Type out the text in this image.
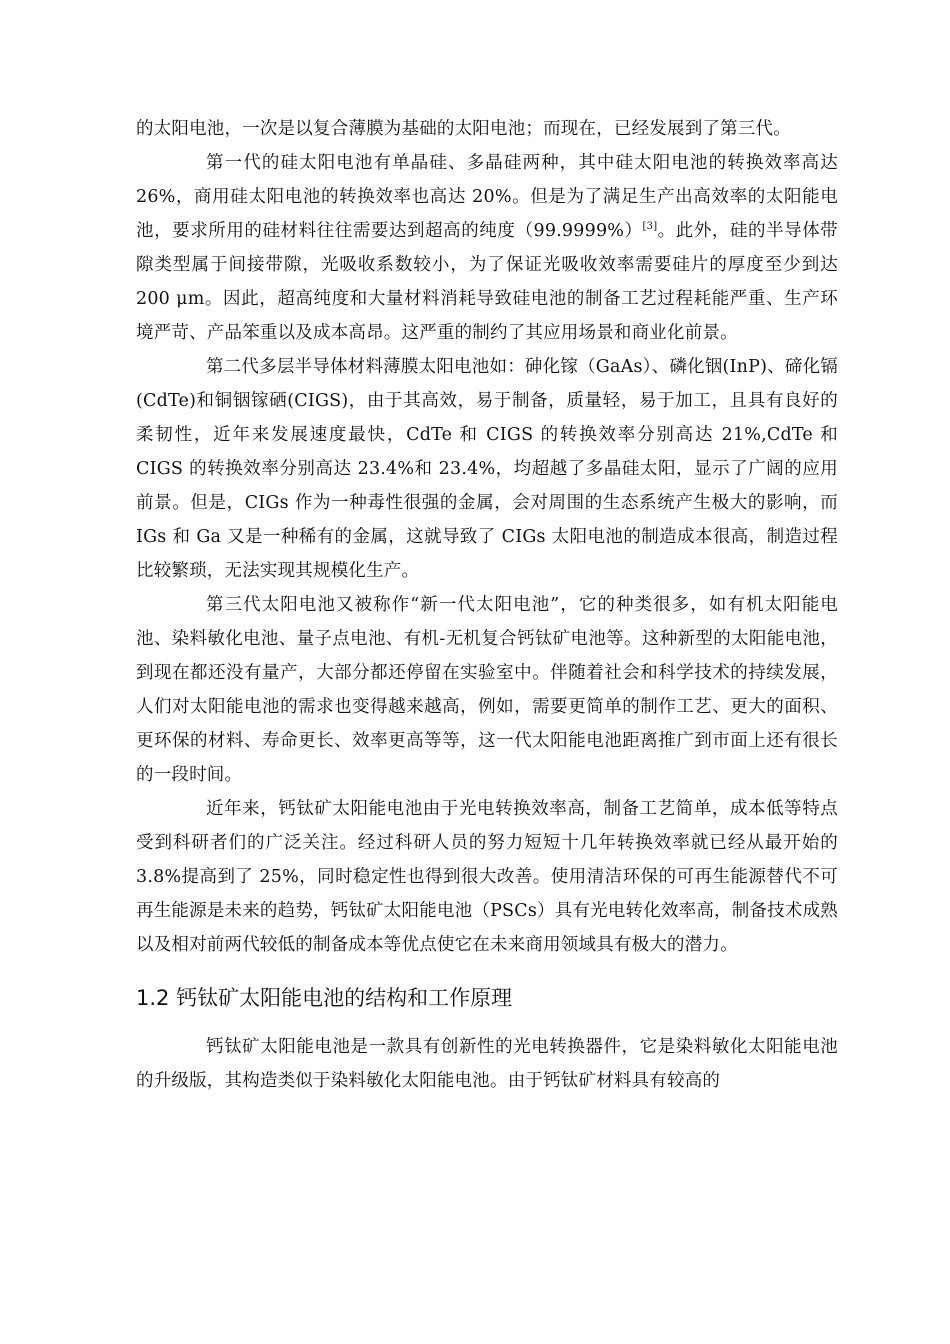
的太阳电池，一次是以复合薄膜为基础的太阳电池；而现在，已经发展到了第三代。

第一代的硅太阳电池有单晶硅、多晶硅两种，其中硅太阳电池的转换效率高达 26%，商用硅太阳电池的转换效率也高达 20%。但是为了满足生产出高效率的太阳能电池，要求所用的硅材料往往需要达到超高的纯度（99.9999%）[3]。此外，硅的半导体带隙类型属于间接带隙，光吸收系数较小，为了保证光吸收效率需要硅片的厚度至少到达 200 μm。因此，超高纯度和大量材料消耗导致硅电池的制备工艺过程耗能严重、生产环境严苛、产品笨重以及成本高昂。这严重的制约了其应用场景和商业化前景。

第二代多层半导体材料薄膜太阳电池如：砷化镓（GaAs）、磷化铟(InP)、碲化镉(CdTe)和铜铟镓硒(CIGS)，由于其高效，易于制备，质量轻，易于加工，且具有良好的柔韧性，近年来发展速度最快，CdTe 和 CIGS 的转换效率分别高达 21%,CdTe 和 CIGS 的转换效率分别高达 23.4%和 23.4%，均超越了多晶硅太阳，显示了广阔的应用前景。但是，CIGs 作为一种毒性很强的金属，会对周围的生态系统产生极大的影响，而 IGs 和 Ga 又是一种稀有的金属，这就导致了 CIGs 太阳电池的制造成本很高，制造过程比较繁琐，无法实现其规模化生产。

第三代太阳电池又被称作“新一代太阳电池”，它的种类很多，如有机太阳能电池、染料敏化电池、量子点电池、有机-无机复合钙钛矿电池等。这种新型的太阳能电池，到现在都还没有量产，大部分都还停留在实验室中。伴随着社会和科学技术的持续发展，人们对太阳能电池的需求也变得越来越高，例如，需要更简单的制作工艺、更大的面积、更环保的材料、寿命更长、效率更高等等，这一代太阳能电池距离推广到市面上还有很长的一段时间。

近年来，钙钛矿太阳能电池由于光电转换效率高，制备工艺简单，成本低等特点受到科研者们的广泛关注。经过科研人员的努力短短十几年转换效率就已经从最开始的 3.8%提高到了 25%，同时稳定性也得到很大改善。使用清洁环保的可再生能源替代不可再生能源是未来的趋势，钙钛矿太阳能电池（PSCs）具有光电转化效率高，制备技术成熟以及相对前两代较低的制备成本等优点使它在未来商用领域具有极大的潜力。

1.2 钙钛矿太阳能电池的结构和工作原理

钙钛矿太阳能电池是一款具有创新性的光电转换器件，它是染料敏化太阳能电池的升级版，其构造类似于染料敏化太阳能电池。由于钙钛矿材料具有较高的
